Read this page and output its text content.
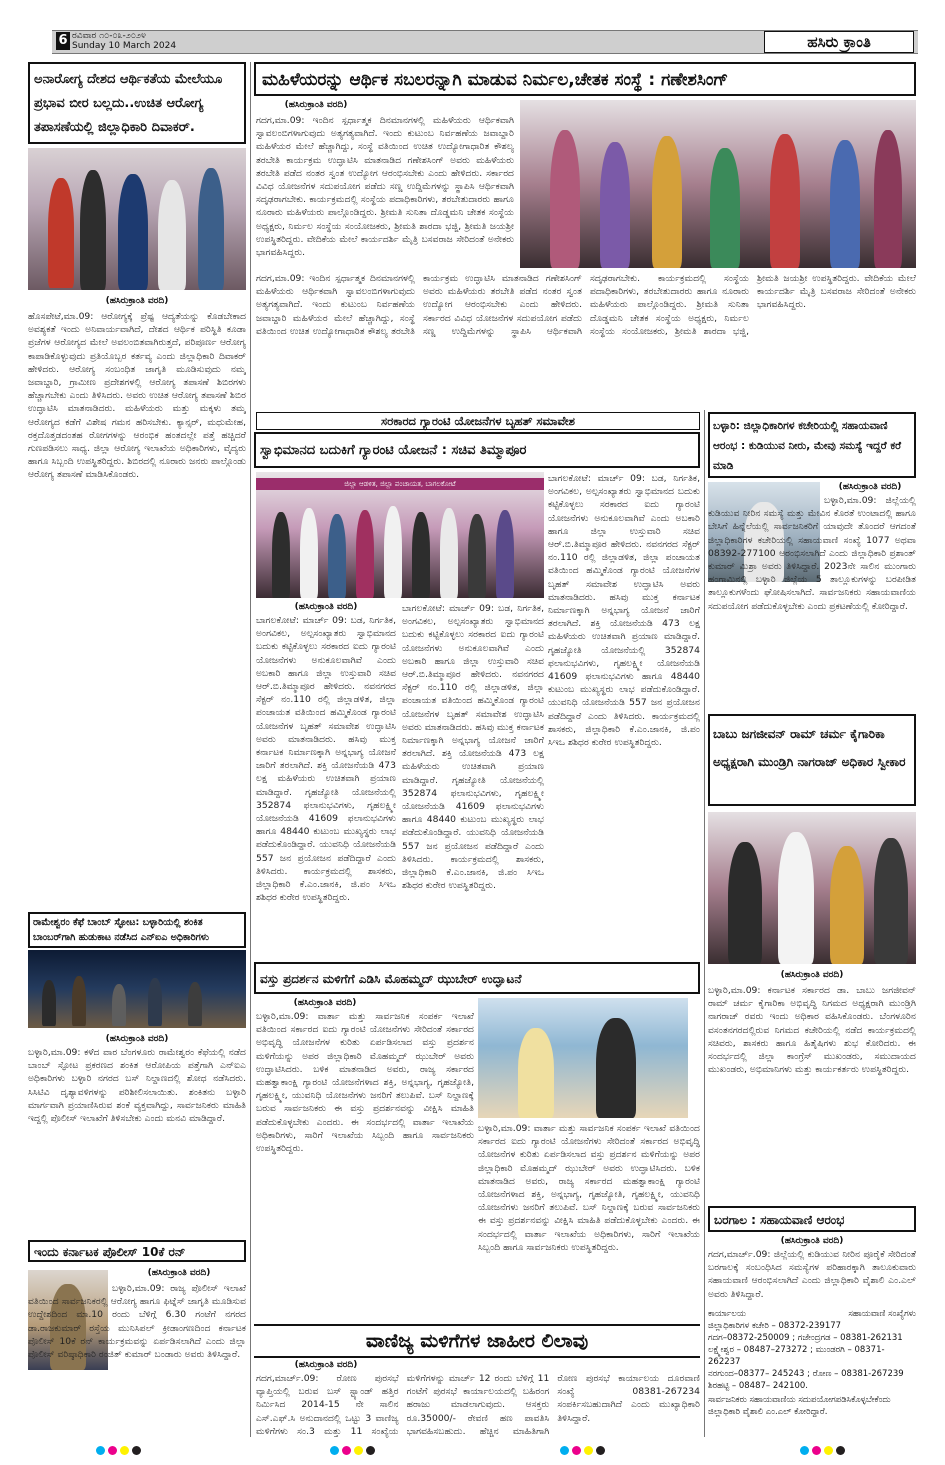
6 ರವಿವಾರ ೧೦-೦೩-೨೦೨೪
Sunday 10 March 2024	ಹಸಿರು ಕ್ರಾಂತಿ
ಅನಾರೋಗ್ಯ ದೇಶದ ಆರ್ಥಿಕತೆಯ ಮೇಲೆಯೂ ಪ್ರಭಾವ ಬೀರ ಬಲ್ಲದು..ಉಚಿತ ಆರೋಗ್ಯ ತಪಾಸಣೆಯಲ್ಲಿ ಜಿಲ್ಲಾಧಿಕಾರಿ ದಿವಾಕರ್.
(ಹಸಿರುಕ್ರಾಂತಿ ವರದಿ)
ಹೊಸಪೇಟೆ,ಮಾ.09: ಆರೋಗ್ಯಕ್ಕೆ ಪ್ರೆಷ್ಟ ಆದ್ಯತೆಯನ್ನು ಕೊಡಬೇಕಾದ ಅವಶ್ಯಕತೆ ಇಂದು ಅನಿವಾರ್ಯವಾಗಿದೆ, ದೇಶದ ಆರ್ಥಿಕ ಪರಿಸ್ಥಿತಿ ಕೂಡಾ ಪ್ರಜೆಗಳ ಆರೋಗ್ಯದ ಮೇಲೆ ಅವಲಂಬಿತವಾಗಿರುತ್ತದೆ, ಪರಿಪೂರ್ಣ ಆರೋಗ್ಯ ಕಾಪಾಡಿಕೊಳ್ಳುವುದು ಪ್ರತಿಯೊಬ್ಬರ ಕರ್ತವ್ಯ ಎಂದು ಜಿಲ್ಲಾಧಿಕಾರಿ ದಿವಾಕರ್ ಹೇಳಿದರು. ಆರೋಗ್ಯ ಸಂಬಂಧಿತ ಜಾಗೃತಿ ಮೂಡಿಸುವುದು ನಮ್ಮ ಜವಾಬ್ದಾರಿ, ಗ್ರಾಮೀಣ ಪ್ರದೇಶಗಳಲ್ಲಿ ಆರೋಗ್ಯ ತಪಾಸಣೆ ಶಿಬಿರಗಳು ಹೆಚ್ಚಾಗಬೇಕು ಎಂದು ತಿಳಿಸಿದರು. ಅವರು ಉಚಿತ ಆರೋಗ್ಯ ತಪಾಸಣೆ ಶಿಬಿರ ಉದ್ಘಾಟಿಸಿ ಮಾತನಾಡಿದರು. ಮಹಿಳೆಯರು ಮತ್ತು ಮಕ್ಕಳು ತಮ್ಮ ಆರೋಗ್ಯದ ಕಡೆಗೆ ವಿಶೇಷ ಗಮನ ಹರಿಸಬೇಕು. ಕ್ಯಾನ್ಸರ್, ಮಧುಮೇಹ, ರಕ್ತದೊತ್ತಡದಂತಹ ರೋಗಗಳನ್ನು ಆರಂಭಿಕ ಹಂತದಲ್ಲೇ ಪತ್ತೆ ಹಚ್ಚಿದರೆ ಗುಣಪಡಿಸಲು ಸಾಧ್ಯ. ಜಿಲ್ಲಾ ಆರೋಗ್ಯ ಇಲಾಖೆಯ ಅಧಿಕಾರಿಗಳು, ವೈದ್ಯರು ಹಾಗೂ ಸಿಬ್ಬಂದಿ ಉಪಸ್ಥಿತರಿದ್ದರು. ಶಿಬಿರದಲ್ಲಿ ನೂರಾರು ಜನರು ಪಾಲ್ಗೊಂಡು ಆರೋಗ್ಯ ತಪಾಸಣೆ ಮಾಡಿಸಿಕೊಂಡರು.
ರಾಮೇಶ್ವರಂ ಕೆಫೆ ಬಾಂಬ್ ಸ್ಫೋಟ: ಬಳ್ಳಾರಿಯಲ್ಲಿ ಶಂಕಿತ ಬಾಂಬರ್‌ಗಾಗಿ ಹುಡುಕಾಟ ನಡೆಸಿದ ಎನ್‌ಐಎ ಅಧಿಕಾರಿಗಳು
(ಹಸಿರುಕ್ರಾಂತಿ ವರದಿ)
ಬಳ್ಳಾರಿ,ಮಾ.09: ಕಳೆದ ವಾರ ಬೆಂಗಳೂರು ರಾಮೇಶ್ವರಂ ಕೆಫೆಯಲ್ಲಿ ನಡೆದ ಬಾಂಬ್ ಸ್ಫೋಟ ಪ್ರಕರಣದ ಶಂಕಿತ ಆರೋಪಿಯ ಪತ್ತೆಗಾಗಿ ಎನ್‌ಐಎ ಅಧಿಕಾರಿಗಳು ಬಳ್ಳಾರಿ ನಗರದ ಬಸ್ ನಿಲ್ದಾಣದಲ್ಲಿ ಶೋಧ ನಡೆಸಿದರು. ಸಿಸಿಟಿವಿ ದೃಶ್ಯಾವಳಿಗಳನ್ನು ಪರಿಶೀಲಿಸಲಾಯಿತು. ಶಂಕಿತನು ಬಳ್ಳಾರಿ ಮಾರ್ಗವಾಗಿ ಪ್ರಯಾಣಿಸಿರುವ ಶಂಕೆ ವ್ಯಕ್ತವಾಗಿದ್ದು, ಸಾರ್ವಜನಿಕರು ಮಾಹಿತಿ ಇದ್ದಲ್ಲಿ ಪೊಲೀಸ್ ಇಲಾಖೆಗೆ ತಿಳಿಸಬೇಕು ಎಂದು ಮನವಿ ಮಾಡಿದ್ದಾರೆ.
ಇಂದು ಕರ್ನಾಟಕ ಪೊಲೀಸ್ 10ಕೆ ರನ್
(ಹಸಿರುಕ್ರಾಂತಿ ವರದಿ)
ಬಳ್ಳಾರಿ,ಮಾ.09: ರಾಜ್ಯ ಪೊಲೀಸ್ ಇಲಾಖೆ ವತಿಯಿಂದ ಸಾರ್ವಜನಿಕರಲ್ಲಿ ಆರೋಗ್ಯ ಹಾಗೂ ಫಿಟ್ನೆಸ್ ಜಾಗೃತಿ ಮೂಡಿಸುವ ಉದ್ದೇಶದಿಂದ ಮಾ.10 ರಂದು ಬೆಳಿಗ್ಗೆ 6.30 ಗಂಟೆಗೆ ನಗರದ ಡಾ.ರಾಜಕುಮಾರ್ ರಸ್ತೆಯ ಮುನಿಸಿಪಲ್ ಕ್ರೀಡಾಂಗಣದಿಂದ ಕರ್ನಾಟಕ ಪೊಲೀಸ್ 10ಕೆ ರನ್ ಕಾರ್ಯಕ್ರಮವನ್ನು ಏರ್ಪಡಿಸಲಾಗಿದೆ ಎಂದು ಜಿಲ್ಲಾ ಪೊಲೀಸ್ ವರಿಷ್ಠಾಧಿಕಾರಿ ರಂಜಿತ್ ಕುಮಾರ್ ಬಂಡಾರು ಅವರು ತಿಳಿಸಿದ್ದಾರೆ.
ಮಹಿಳೆಯರನ್ನು ಆರ್ಥಿಕ ಸಬಲರನ್ನಾಗಿ ಮಾಡುವ ನಿರ್ಮಲ,ಚೇತಕ ಸಂಸ್ಥೆ : ಗಣೇಶಸಿಂಗ್
(ಹಸಿರುಕ್ರಾಂತಿ ವರದಿ)
ಗದಗ,ಮಾ.09: ಇಂದಿನ ಸ್ಪರ್ಧಾತ್ಮಕ ದಿನಮಾನಗಳಲ್ಲಿ ಮಹಿಳೆಯರು ಆರ್ಥಿಕವಾಗಿ ಸ್ವಾವಲಂಬಿಗಳಾಗುವುದು ಅತ್ಯಗತ್ಯವಾಗಿದೆ. ಇಂದು ಕುಟುಂಬ ನಿರ್ವಹಣೆಯ ಜವಾಬ್ದಾರಿ ಮಹಿಳೆಯರ ಮೇಲೆ ಹೆಚ್ಚಾಗಿದ್ದು, ಸಂಸ್ಥೆ ವತಿಯಿಂದ ಉಚಿತ ಉದ್ಯೋಗಾಧಾರಿತ ಕೌಶಲ್ಯ ತರಬೇತಿ ಕಾರ್ಯಕ್ರಮ ಉದ್ಘಾಟಿಸಿ ಮಾತನಾಡಿದ ಗಣೇಶಸಿಂಗ್ ಅವರು ಮಹಿಳೆಯರು ತರಬೇತಿ ಪಡೆದ ನಂತರ ಸ್ವಂತ ಉದ್ಯೋಗ ಆರಂಭಿಸಬೇಕು ಎಂದು ಹೇಳಿದರು. ಸರ್ಕಾರದ ವಿವಿಧ ಯೋಜನೆಗಳ ಸದುಪಯೋಗ ಪಡೆದು ಸಣ್ಣ ಉದ್ದಿಮೆಗಳನ್ನು ಸ್ಥಾಪಿಸಿ ಆರ್ಥಿಕವಾಗಿ ಸದೃಢರಾಗಬೇಕು. ಕಾರ್ಯಕ್ರಮದಲ್ಲಿ ಸಂಸ್ಥೆಯ ಪದಾಧಿಕಾರಿಗಳು, ತರಬೇತುದಾರರು ಹಾಗೂ ನೂರಾರು ಮಹಿಳೆಯರು ಪಾಲ್ಗೊಂಡಿದ್ದರು. ಶ್ರೀಮತಿ ಸುನಿತಾ ದೊಡ್ಡಮನಿ ಚೇತಕ ಸಂಸ್ಥೆಯ ಅಧ್ಯಕ್ಷರು, ನಿರ್ಮಲ ಸಂಸ್ಥೆಯ ಸಂಯೋಜಕರು, ಶ್ರೀಮತಿ ಶಾರದಾ ಭಜ್ಜಿ, ಶ್ರೀಮತಿ ಜಯಶ್ರೀ ಉಪಸ್ಥಿತರಿದ್ದರು. ವೇದಿಕೆಯ ಮೇಲೆ ಕಾರ್ಯದರ್ಶಿ ಮೈತ್ರಿ ಬಸವರಾಜ ಸೇರಿದಂತೆ ಅನೇಕರು ಭಾಗವಹಿಸಿದ್ದರು.
ಗದಗ,ಮಾ.09: ಇಂದಿನ ಸ್ಪರ್ಧಾತ್ಮಕ ದಿನಮಾನಗಳಲ್ಲಿ ಮಹಿಳೆಯರು ಆರ್ಥಿಕವಾಗಿ ಸ್ವಾವಲಂಬಿಗಳಾಗುವುದು ಅತ್ಯಗತ್ಯವಾಗಿದೆ. ಇಂದು ಕುಟುಂಬ ನಿರ್ವಹಣೆಯ ಜವಾಬ್ದಾರಿ ಮಹಿಳೆಯರ ಮೇಲೆ ಹೆಚ್ಚಾಗಿದ್ದು, ಸಂಸ್ಥೆ ವತಿಯಿಂದ ಉಚಿತ ಉದ್ಯೋಗಾಧಾರಿತ ಕೌಶಲ್ಯ ತರಬೇತಿ ಕಾರ್ಯಕ್ರಮ ಉದ್ಘಾಟಿಸಿ ಮಾತನಾಡಿದ ಗಣೇಶಸಿಂಗ್ ಅವರು ಮಹಿಳೆಯರು ತರಬೇತಿ ಪಡೆದ ನಂತರ ಸ್ವಂತ ಉದ್ಯೋಗ ಆರಂಭಿಸಬೇಕು ಎಂದು ಹೇಳಿದರು. ಸರ್ಕಾರದ ವಿವಿಧ ಯೋಜನೆಗಳ ಸದುಪಯೋಗ ಪಡೆದು ಸಣ್ಣ ಉದ್ದಿಮೆಗಳನ್ನು ಸ್ಥಾಪಿಸಿ ಆರ್ಥಿಕವಾಗಿ ಸದೃಢರಾಗಬೇಕು. ಕಾರ್ಯಕ್ರಮದಲ್ಲಿ ಸಂಸ್ಥೆಯ ಪದಾಧಿಕಾರಿಗಳು, ತರಬೇತುದಾರರು ಹಾಗೂ ನೂರಾರು ಮಹಿಳೆಯರು ಪಾಲ್ಗೊಂಡಿದ್ದರು. ಶ್ರೀಮತಿ ಸುನಿತಾ ದೊಡ್ಡಮನಿ ಚೇತಕ ಸಂಸ್ಥೆಯ ಅಧ್ಯಕ್ಷರು, ನಿರ್ಮಲ ಸಂಸ್ಥೆಯ ಸಂಯೋಜಕರು, ಶ್ರೀಮತಿ ಶಾರದಾ ಭಜ್ಜಿ, ಶ್ರೀಮತಿ ಜಯಶ್ರೀ ಉಪಸ್ಥಿತರಿದ್ದರು. ವೇದಿಕೆಯ ಮೇಲೆ ಕಾರ್ಯದರ್ಶಿ ಮೈತ್ರಿ ಬಸವರಾಜ ಸೇರಿದಂತೆ ಅನೇಕರು ಭಾಗವಹಿಸಿದ್ದರು.
ಸರಕಾರದ ಗ್ಯಾರಂಟಿ ಯೋಜನೆಗಳ ಬೃಹತ್ ಸಮಾವೇಶ
ಸ್ವಾಭಿಮಾನದ ಬದುಕಿಗೆ ಗ್ಯಾರಂಟಿ ಯೋಜನೆ : ಸಚಿವ ತಿಮ್ಮಾಪೂರ
ಜಿಲ್ಲಾ ಆಡಳಿತ, ಜಿಲ್ಲಾ ಪಂಚಾಯತ, ಬಾಗಲಕೋಟೆ
(ಹಸಿರುಕ್ರಾಂತಿ ವರದಿ)
ಬಾಗಲಕೋಟೆ: ಮಾರ್ಚ್ 09: ಬಡ, ನಿರ್ಗತಿಕ, ಅಂಗವಿಕಲ, ಅಲ್ಪಸಂಖ್ಯಾತರು ಸ್ವಾಭಿಮಾನದ ಬದುಕು ಕಟ್ಟಿಕೊಳ್ಳಲು ಸರಕಾರದ ಐದು ಗ್ಯಾರಂಟಿ ಯೋಜನೆಗಳು ಅನುಕೂಲವಾಗಿವೆ ಎಂದು ಅಬಕಾರಿ ಹಾಗೂ ಜಿಲ್ಲಾ ಉಸ್ತುವಾರಿ ಸಚಿವ ಆರ್.ಬಿ.ತಿಮ್ಮಾಪೂರ ಹೇಳಿದರು. ನವನಗರದ ಸೆಕ್ಟರ್ ನಂ.110 ರಲ್ಲಿ ಜಿಲ್ಲಾಡಳಿತ, ಜಿಲ್ಲಾ ಪಂಚಾಯತ ವತಿಯಿಂದ ಹಮ್ಮಿಕೊಂಡ ಗ್ಯಾರಂಟಿ ಯೋಜನೆಗಳ ಬೃಹತ್ ಸಮಾವೇಶ ಉದ್ಘಾಟಿಸಿ ಅವರು ಮಾತನಾಡಿದರು. ಹಸಿವು ಮುಕ್ತ ಕರ್ನಾಟಕ ನಿರ್ಮಾಣಕ್ಕಾಗಿ ಅನ್ನಭಾಗ್ಯ ಯೋಜನೆ ಜಾರಿಗೆ ತರಲಾಗಿದೆ. ಶಕ್ತಿ ಯೋಜನೆಯಡಿ 473 ಲಕ್ಷ ಮಹಿಳೆಯರು ಉಚಿತವಾಗಿ ಪ್ರಯಾಣ ಮಾಡಿದ್ದಾರೆ. ಗೃಹಜ್ಯೋತಿ ಯೋಜನೆಯಲ್ಲಿ 352874 ಫಲಾನುಭವಿಗಳು, ಗೃಹಲಕ್ಷ್ಮೀ ಯೋಜನೆಯಡಿ 41609 ಫಲಾನುಭವಿಗಳು ಹಾಗೂ 48440 ಕುಟುಂಬ ಮುಖ್ಯಸ್ಥರು ಲಾಭ ಪಡೆದುಕೊಂಡಿದ್ದಾರೆ. ಯುವನಿಧಿ ಯೋಜನೆಯಡಿ 557 ಜನ ಪ್ರಯೋಜನ ಪಡೆದಿದ್ದಾರೆ ಎಂದು ತಿಳಿಸಿದರು. ಕಾರ್ಯಕ್ರಮದಲ್ಲಿ ಶಾಸಕರು, ಜಿಲ್ಲಾಧಿಕಾರಿ ಕೆ.ಎಂ.ಜಾನಕಿ, ಜಿ.ಪಂ ಸಿಇಒ ಶಶಿಧರ ಕುರೇರ ಉಪಸ್ಥಿತರಿದ್ದರು.
ಬಾಗಲಕೋಟೆ: ಮಾರ್ಚ್ 09: ಬಡ, ನಿರ್ಗತಿಕ, ಅಂಗವಿಕಲ, ಅಲ್ಪಸಂಖ್ಯಾತರು ಸ್ವಾಭಿಮಾನದ ಬದುಕು ಕಟ್ಟಿಕೊಳ್ಳಲು ಸರಕಾರದ ಐದು ಗ್ಯಾರಂಟಿ ಯೋಜನೆಗಳು ಅನುಕೂಲವಾಗಿವೆ ಎಂದು ಅಬಕಾರಿ ಹಾಗೂ ಜಿಲ್ಲಾ ಉಸ್ತುವಾರಿ ಸಚಿವ ಆರ್.ಬಿ.ತಿಮ್ಮಾಪೂರ ಹೇಳಿದರು. ನವನಗರದ ಸೆಕ್ಟರ್ ನಂ.110 ರಲ್ಲಿ ಜಿಲ್ಲಾಡಳಿತ, ಜಿಲ್ಲಾ ಪಂಚಾಯತ ವತಿಯಿಂದ ಹಮ್ಮಿಕೊಂಡ ಗ್ಯಾರಂಟಿ ಯೋಜನೆಗಳ ಬೃಹತ್ ಸಮಾವೇಶ ಉದ್ಘಾಟಿಸಿ ಅವರು ಮಾತನಾಡಿದರು. ಹಸಿವು ಮುಕ್ತ ಕರ್ನಾಟಕ ನಿರ್ಮಾಣಕ್ಕಾಗಿ ಅನ್ನಭಾಗ್ಯ ಯೋಜನೆ ಜಾರಿಗೆ ತರಲಾಗಿದೆ. ಶಕ್ತಿ ಯೋಜನೆಯಡಿ 473 ಲಕ್ಷ ಮಹಿಳೆಯರು ಉಚಿತವಾಗಿ ಪ್ರಯಾಣ ಮಾಡಿದ್ದಾರೆ. ಗೃಹಜ್ಯೋತಿ ಯೋಜನೆಯಲ್ಲಿ 352874 ಫಲಾನುಭವಿಗಳು, ಗೃಹಲಕ್ಷ್ಮೀ ಯೋಜನೆಯಡಿ 41609 ಫಲಾನುಭವಿಗಳು ಹಾಗೂ 48440 ಕುಟುಂಬ ಮುಖ್ಯಸ್ಥರು ಲಾಭ ಪಡೆದುಕೊಂಡಿದ್ದಾರೆ. ಯುವನಿಧಿ ಯೋಜನೆಯಡಿ 557 ಜನ ಪ್ರಯೋಜನ ಪಡೆದಿದ್ದಾರೆ ಎಂದು ತಿಳಿಸಿದರು. ಕಾರ್ಯಕ್ರಮದಲ್ಲಿ ಶಾಸಕರು, ಜಿಲ್ಲಾಧಿಕಾರಿ ಕೆ.ಎಂ.ಜಾನಕಿ, ಜಿ.ಪಂ ಸಿಇಒ ಶಶಿಧರ ಕುರೇರ ಉಪಸ್ಥಿತರಿದ್ದರು.
ಬಾಗಲಕೋಟೆ: ಮಾರ್ಚ್ 09: ಬಡ, ನಿರ್ಗತಿಕ, ಅಂಗವಿಕಲ, ಅಲ್ಪಸಂಖ್ಯಾತರು ಸ್ವಾಭಿಮಾನದ ಬದುಕು ಕಟ್ಟಿಕೊಳ್ಳಲು ಸರಕಾರದ ಐದು ಗ್ಯಾರಂಟಿ ಯೋಜನೆಗಳು ಅನುಕೂಲವಾಗಿವೆ ಎಂದು ಅಬಕಾರಿ ಹಾಗೂ ಜಿಲ್ಲಾ ಉಸ್ತುವಾರಿ ಸಚಿವ ಆರ್.ಬಿ.ತಿಮ್ಮಾಪೂರ ಹೇಳಿದರು. ನವನಗರದ ಸೆಕ್ಟರ್ ನಂ.110 ರಲ್ಲಿ ಜಿಲ್ಲಾಡಳಿತ, ಜಿಲ್ಲಾ ಪಂಚಾಯತ ವತಿಯಿಂದ ಹಮ್ಮಿಕೊಂಡ ಗ್ಯಾರಂಟಿ ಯೋಜನೆಗಳ ಬೃಹತ್ ಸಮಾವೇಶ ಉದ್ಘಾಟಿಸಿ ಅವರು ಮಾತನಾಡಿದರು. ಹಸಿವು ಮುಕ್ತ ಕರ್ನಾಟಕ ನಿರ್ಮಾಣಕ್ಕಾಗಿ ಅನ್ನಭಾಗ್ಯ ಯೋಜನೆ ಜಾರಿಗೆ ತರಲಾಗಿದೆ. ಶಕ್ತಿ ಯೋಜನೆಯಡಿ 473 ಲಕ್ಷ ಮಹಿಳೆಯರು ಉಚಿತವಾಗಿ ಪ್ರಯಾಣ ಮಾಡಿದ್ದಾರೆ. ಗೃಹಜ್ಯೋತಿ ಯೋಜನೆಯಲ್ಲಿ 352874 ಫಲಾನುಭವಿಗಳು, ಗೃಹಲಕ್ಷ್ಮೀ ಯೋಜನೆಯಡಿ 41609 ಫಲಾನುಭವಿಗಳು ಹಾಗೂ 48440 ಕುಟುಂಬ ಮುಖ್ಯಸ್ಥರು ಲಾಭ ಪಡೆದುಕೊಂಡಿದ್ದಾರೆ. ಯುವನಿಧಿ ಯೋಜನೆಯಡಿ 557 ಜನ ಪ್ರಯೋಜನ ಪಡೆದಿದ್ದಾರೆ ಎಂದು ತಿಳಿಸಿದರು. ಕಾರ್ಯಕ್ರಮದಲ್ಲಿ ಶಾಸಕರು, ಜಿಲ್ಲಾಧಿಕಾರಿ ಕೆ.ಎಂ.ಜಾನಕಿ, ಜಿ.ಪಂ ಸಿಇಒ ಶಶಿಧರ ಕುರೇರ ಉಪಸ್ಥಿತರಿದ್ದರು.
ವಸ್ತು ಪ್ರದರ್ಶನ ಮಳಿಗೆಗೆ ಎಡಿಸಿ ಮೊಹಮ್ಮದ್ ಝುಬೇರ್ ಉದ್ಘಾಟನೆ
(ಹಸಿರುಕ್ರಾಂತಿ ವರದಿ)
ಬಳ್ಳಾರಿ,ಮಾ.09: ವಾರ್ತಾ ಮತ್ತು ಸಾರ್ವಜನಿಕ ಸಂಪರ್ಕ ಇಲಾಖೆ ವತಿಯಿಂದ ಸರ್ಕಾರದ ಐದು ಗ್ಯಾರಂಟಿ ಯೋಜನೆಗಳು ಸೇರಿದಂತೆ ಸರ್ಕಾರದ ಅಭಿವೃದ್ಧಿ ಯೋಜನೆಗಳ ಕುರಿತು ಏರ್ಪಡಿಸಲಾದ ವಸ್ತು ಪ್ರದರ್ಶನ ಮಳಿಗೆಯನ್ನು ಅಪರ ಜಿಲ್ಲಾಧಿಕಾರಿ ಮೊಹಮ್ಮದ್ ಝುಬೇರ್ ಅವರು ಉದ್ಘಾಟಿಸಿದರು. ಬಳಿಕ ಮಾತನಾಡಿದ ಅವರು, ರಾಜ್ಯ ಸರ್ಕಾರದ ಮಹತ್ವಾಕಾಂಕ್ಷಿ ಗ್ಯಾರಂಟಿ ಯೋಜನೆಗಳಾದ ಶಕ್ತಿ, ಅನ್ನಭಾಗ್ಯ, ಗೃಹಜ್ಯೋತಿ, ಗೃಹಲಕ್ಷ್ಮೀ, ಯುವನಿಧಿ ಯೋಜನೆಗಳು ಜನರಿಗೆ ತಲುಪಿವೆ. ಬಸ್ ನಿಲ್ದಾಣಕ್ಕೆ ಬರುವ ಸಾರ್ವಜನಿಕರು ಈ ವಸ್ತು ಪ್ರದರ್ಶನವನ್ನು ವೀಕ್ಷಿಸಿ ಮಾಹಿತಿ ಪಡೆದುಕೊಳ್ಳಬೇಕು ಎಂದರು. ಈ ಸಂದರ್ಭದಲ್ಲಿ ವಾರ್ತಾ ಇಲಾಖೆಯ ಅಧಿಕಾರಿಗಳು, ಸಾರಿಗೆ ಇಲಾಖೆಯ ಸಿಬ್ಬಂದಿ ಹಾಗೂ ಸಾರ್ವಜನಿಕರು ಉಪಸ್ಥಿತರಿದ್ದರು.
ಬಳ್ಳಾರಿ,ಮಾ.09: ವಾರ್ತಾ ಮತ್ತು ಸಾರ್ವಜನಿಕ ಸಂಪರ್ಕ ಇಲಾಖೆ ವತಿಯಿಂದ ಸರ್ಕಾರದ ಐದು ಗ್ಯಾರಂಟಿ ಯೋಜನೆಗಳು ಸೇರಿದಂತೆ ಸರ್ಕಾರದ ಅಭಿವೃದ್ಧಿ ಯೋಜನೆಗಳ ಕುರಿತು ಏರ್ಪಡಿಸಲಾದ ವಸ್ತು ಪ್ರದರ್ಶನ ಮಳಿಗೆಯನ್ನು ಅಪರ ಜಿಲ್ಲಾಧಿಕಾರಿ ಮೊಹಮ್ಮದ್ ಝುಬೇರ್ ಅವರು ಉದ್ಘಾಟಿಸಿದರು. ಬಳಿಕ ಮಾತನಾಡಿದ ಅವರು, ರಾಜ್ಯ ಸರ್ಕಾರದ ಮಹತ್ವಾಕಾಂಕ್ಷಿ ಗ್ಯಾರಂಟಿ ಯೋಜನೆಗಳಾದ ಶಕ್ತಿ, ಅನ್ನಭಾಗ್ಯ, ಗೃಹಜ್ಯೋತಿ, ಗೃಹಲಕ್ಷ್ಮೀ, ಯುವನಿಧಿ ಯೋಜನೆಗಳು ಜನರಿಗೆ ತಲುಪಿವೆ. ಬಸ್ ನಿಲ್ದಾಣಕ್ಕೆ ಬರುವ ಸಾರ್ವಜನಿಕರು ಈ ವಸ್ತು ಪ್ರದರ್ಶನವನ್ನು ವೀಕ್ಷಿಸಿ ಮಾಹಿತಿ ಪಡೆದುಕೊಳ್ಳಬೇಕು ಎಂದರು. ಈ ಸಂದರ್ಭದಲ್ಲಿ ವಾರ್ತಾ ಇಲಾಖೆಯ ಅಧಿಕಾರಿಗಳು, ಸಾರಿಗೆ ಇಲಾಖೆಯ ಸಿಬ್ಬಂದಿ ಹಾಗೂ ಸಾರ್ವಜನಿಕರು ಉಪಸ್ಥಿತರಿದ್ದರು.
ಬಳ್ಳಾರಿ: ಜಿಲ್ಲಾಧಿಕಾರಿಗಳ ಕಚೇರಿಯಲ್ಲಿ ಸಹಾಯವಾಣಿ ಆರಂಭ : ಕುಡಿಯುವ ನೀರು, ಮೇವು ಸಮಸ್ಯೆ ಇದ್ದರೆ ಕರೆ ಮಾಡಿ
(ಹಸಿರುಕ್ರಾಂತಿ ವರದಿ)
ಬಳ್ಳಾರಿ,ಮಾ.09: ಜಿಲ್ಲೆಯಲ್ಲಿ ಕುಡಿಯುವ ನೀರಿನ ಸಮಸ್ಯೆ ಮತ್ತು ಮೇವಿನ ಕೊರತೆ ಉಂಟಾದಲ್ಲಿ ಹಾಗೂ ಬೇಸಿಗೆ ಹಿನ್ನೆಲೆಯಲ್ಲಿ ಸಾರ್ವಜನಿಕರಿಗೆ ಯಾವುದೇ ತೊಂದರೆ ಆಗದಂತೆ ಜಿಲ್ಲಾಧಿಕಾರಿಗಳ ಕಚೇರಿಯಲ್ಲಿ ಸಹಾಯವಾಣಿ ಸಂಖ್ಯೆ 1077 ಅಥವಾ 08392-277100 ಆರಂಭಿಸಲಾಗಿದೆ ಎಂದು ಜಿಲ್ಲಾಧಿಕಾರಿ ಪ್ರಶಾಂತ್ ಕುಮಾರ್ ಮಿಶ್ರಾ ಅವರು ತಿಳಿಸಿದ್ದಾರೆ. 2023ನೇ ಸಾಲಿನ ಮುಂಗಾರು ಹಂಗಾಮಿನಲ್ಲಿ ಬಳ್ಳಾರಿ ಜಿಲ್ಲೆಯ 5 ತಾಲ್ಲೂಕುಗಳನ್ನು ಬರಪೀಡಿತ ತಾಲ್ಲೂಕುಗಳೆಂದು ಘೋಷಿಸಲಾಗಿದೆ. ಸಾರ್ವಜನಿಕರು ಸಹಾಯವಾಣಿಯ ಸದುಪಯೋಗ ಪಡೆದುಕೊಳ್ಳಬೇಕು ಎಂದು ಪ್ರಕಟಣೆಯಲ್ಲಿ ಕೋರಿದ್ದಾರೆ.
ಬಾಬು ಜಗಜೀವನ್ ರಾಮ್ ಚರ್ಮ ಕೈಗಾರಿಕಾ ಅಧ್ಯಕ್ಷರಾಗಿ ಮುಂಡ್ರಿಗಿ ನಾಗರಾಜ್ ಅಧಿಕಾರ ಸ್ವೀಕಾರ
(ಹಸಿರುಕ್ರಾಂತಿ ವರದಿ)
ಬಳ್ಳಾರಿ,ಮಾ.09: ಕರ್ನಾಟಕ ಸರ್ಕಾರದ ಡಾ. ಬಾಬು ಜಗಜೀವನ್ ರಾಮ್ ಚರ್ಮ ಕೈಗಾರಿಕಾ ಅಭಿವೃದ್ಧಿ ನಿಗಮದ ಅಧ್ಯಕ್ಷರಾಗಿ ಮುಂಡ್ರಿಗಿ ನಾಗರಾಜ್ ರವರು ಇಂದು ಅಧಿಕಾರ ವಹಿಸಿಕೊಂಡರು. ಬೆಂಗಳೂರಿನ ವಸಂತನಗರದಲ್ಲಿರುವ ನಿಗಮದ ಕಚೇರಿಯಲ್ಲಿ ನಡೆದ ಕಾರ್ಯಕ್ರಮದಲ್ಲಿ ಸಚಿವರು, ಶಾಸಕರು ಹಾಗೂ ಹಿತೈಷಿಗಳು ಶುಭ ಕೋರಿದರು. ಈ ಸಂದರ್ಭದಲ್ಲಿ ಜಿಲ್ಲಾ ಕಾಂಗ್ರೆಸ್ ಮುಖಂಡರು, ಸಮುದಾಯದ ಮುಖಂಡರು, ಅಭಿಮಾನಿಗಳು ಮತ್ತು ಕಾರ್ಯಕರ್ತರು ಉಪಸ್ಥಿತರಿದ್ದರು.
ಬರಗಾಲ : ಸಹಾಯವಾಣಿ ಆರಂಭ
(ಹಸಿರುಕ್ರಾಂತಿ ವರದಿ)
ಗದಗ,ಮಾರ್ಚ್.09: ಜಿಲ್ಲೆಯಲ್ಲಿ ಕುಡಿಯುವ ನೀರಿನ ಪೂರೈಕೆ ಸೇರಿದಂತೆ ಬರಗಾಲಕ್ಕೆ ಸಂಬಂಧಿಸಿದ ಸಮಸ್ಯೆಗಳ ಪರಿಹಾರಕ್ಕಾಗಿ ತಾಲೂಕುವಾರು ಸಹಾಯವಾಣಿ ಆರಂಭಿಸಲಾಗಿದೆ ಎಂದು ಜಿಲ್ಲಾಧಿಕಾರಿ ವೈಶಾಲಿ ಎಂ.ಎಲ್ ಅವರು ತಿಳಿಸಿದ್ದಾರೆ.
ಕಾರ್ಯಾಲಯ	ಸಹಾಯವಾಣಿ ಸಂಖ್ಯೆಗಳು
ಜಿಲ್ಲಾಧಿಕಾರಿಗಳ ಕಚೇರಿ – 08372-239177
ಗದಗ–08372-250009 ; ಗಜೇಂದ್ರಗಡ – 08381-262131
ಲಕ್ಷ್ಮೇಶ್ವರ – 08487–273272 ; ಮುಂಡರಗಿ – 08371-262237
ನರಗುಂದ–08377– 245243 ; ರೋಣ – 08381-267239
ಶಿರಹಟ್ಟಿ – 08487– 242100.
ಸಾರ್ವಜನಿಕರು ಸಹಾಯವಾಣಿಯ ಸದುಪಯೋಗಪಡಿಸಿಕೊಳ್ಳಬೇಕೆಂದು ಜಿಲ್ಲಾಧಿಕಾರಿ ವೈಶಾಲಿ ಎಂ.ಎಲ್ ಕೋರಿದ್ದಾರೆ.
ವಾಣಿಜ್ಯ ಮಳಿಗೆಗಳ ಜಾಹೀರ ಲಿಲಾವು
(ಹಸಿರುಕ್ರಾಂತಿ ವರದಿ)
ಗದಗ,ಮಾರ್ಚ್.09: ರೋಣ ಪುರಸಭೆ ವ್ಯಾಪ್ತಿಯಲ್ಲಿ ಬರುವ ಬಸ್ ಸ್ಟ್ಯಾಂಡ್ ಹತ್ತಿರ ನಿರ್ಮಿಸಿದ 2014-15 ನೇ ಸಾಲಿನ ಎಸ್.ಎಫ್.ಸಿ ಅನುದಾನದಲ್ಲಿ ಒಟ್ಟು 3 ವಾಣಿಜ್ಯ ಮಳಿಗೆಗಳು ಸಂ.3 ಮತ್ತು 11 ಸಂಖ್ಯೆಯ ಮಳಿಗೆಗಳನ್ನು ಮಾರ್ಚ್ 12 ರಂದು ಬೆಳಿಗ್ಗೆ 11 ಗಂಟೆಗೆ ಪುರಸಭೆ ಕಾರ್ಯಾಲಯದಲ್ಲಿ ಬಹಿರಂಗ ಹರಾಜು ಮಾಡಲಾಗುವುದು. ಆಸಕ್ತರು ರೂ.35000/- ಠೇವಣಿ ಹಣ ಪಾವತಿಸಿ ಭಾಗವಹಿಸಬಹುದು. ಹೆಚ್ಚಿನ ಮಾಹಿತಿಗಾಗಿ ರೋಣ ಪುರಸಭೆ ಕಾರ್ಯಾಲಯ ದೂರವಾಣಿ ಸಂಖ್ಯೆ 08381-267234 ಸಂಪರ್ಕಿಸಬಹುದಾಗಿದೆ ಎಂದು ಮುಖ್ಯಾಧಿಕಾರಿ ತಿಳಿಸಿದ್ದಾರೆ.
